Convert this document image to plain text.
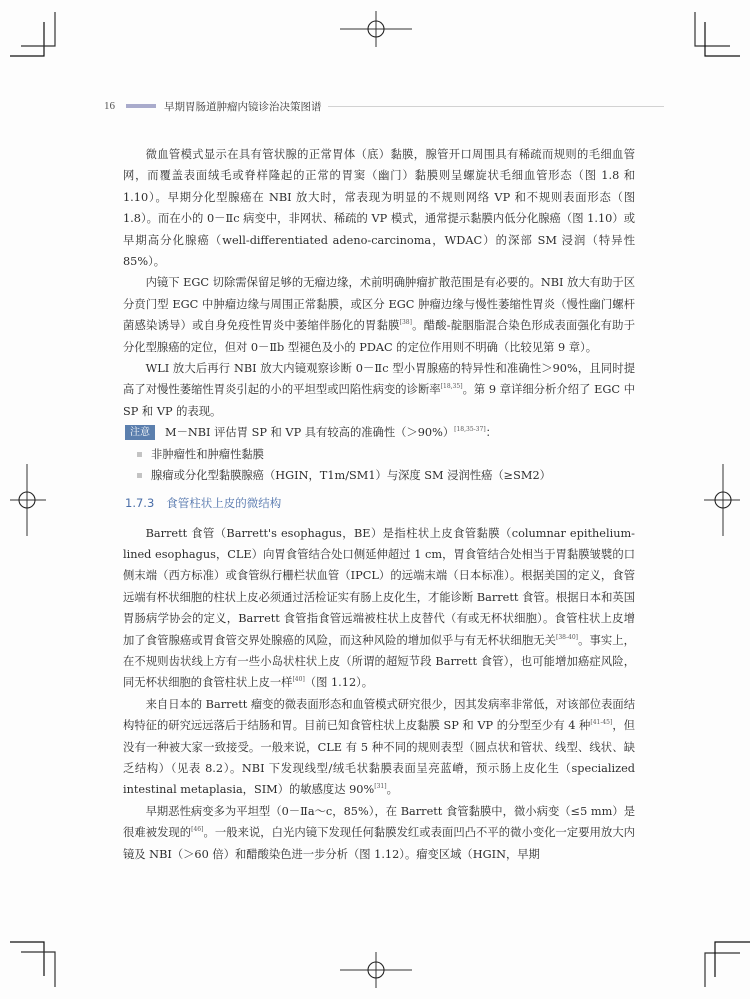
16	早期胃肠道肿瘤内镜诊治决策图谱

微血管模式显示在具有管状腺的正常胃体（底）黏膜，腺管开口周围具有稀疏而规则的毛细血管网，而覆盖表面绒毛或脊样隆起的正常的胃窦（幽门）黏膜则呈螺旋状毛细血管形态（图 1.8 和 1.10）。早期分化型腺癌在 NBI 放大时，常表现为明显的不规则网络 VP 和不规则表面形态（图 1.8）。而在小的 0－Ⅱc 病变中，非网状、稀疏的 VP 模式，通常提示黏膜内低分化腺癌（图 1.10）或早期高分化腺癌（well-differentiated adeno-carcinoma，WDAC）的深部 SM 浸润（特异性 85%）。

内镜下 EGC 切除需保留足够的无瘤边缘，术前明确肿瘤扩散范围是有必要的。NBI 放大有助于区分贲门型 EGC 中肿瘤边缘与周围正常黏膜，或区分 EGC 肿瘤边缘与慢性萎缩性胃炎（慢性幽门螺杆菌感染诱导）或自身免疫性胃炎中萎缩伴肠化的胃黏膜[38]。醋酸-靛胭脂混合染色形成表面强化有助于分化型腺癌的定位，但对 0－Ⅱb 型褪色及小的 PDAC 的定位作用则不明确（比较见第 9 章）。

WLI 放大后再行 NBI 放大内镜观察诊断 0－Ⅱc 型小胃腺癌的特异性和准确性＞90%，且同时提高了对慢性萎缩性胃炎引起的小的平坦型或凹陷性病变的诊断率[18,35]。第 9 章详细分析介绍了 EGC 中 SP 和 VP 的表现。

注意	M－NBI 评估胃 SP 和 VP 具有较高的准确性（＞90%）[18,35-37]：
非肿瘤性和肿瘤性黏膜
腺瘤或分化型黏膜腺癌（HGIN，T1m/SM1）与深度 SM 浸润性癌（≥SM2）
1.7.3 食管柱状上皮的微结构

Barrett 食管（Barrett's esophagus，BE）是指柱状上皮食管黏膜（columnar epithelium-lined esophagus，CLE）向胃食管结合处口侧延伸超过 1 cm，胃食管结合处相当于胃黏膜皱襞的口侧末端（西方标准）或食管纵行栅栏状血管（IPCL）的远端末端（日本标准）。根据美国的定义，食管远端有杯状细胞的柱状上皮必须通过活检证实有肠上皮化生，才能诊断 Barrett 食管。根据日本和英国胃肠病学协会的定义，Barrett 食管指食管远端被柱状上皮替代（有或无杯状细胞）。食管柱状上皮增加了食管腺癌或胃食管交界处腺癌的风险，而这种风险的增加似乎与有无杯状细胞无关[38-40]。事实上，在不规则齿状线上方有一些小岛状柱状上皮（所谓的超短节段 Barrett 食管），也可能增加癌症风险，同无杯状细胞的食管柱状上皮一样[40]（图 1.12）。

来自日本的 Barrett 瘤变的微表面形态和血管模式研究很少，因其发病率非常低，对该部位表面结构特征的研究远远落后于结肠和胃。目前已知食管柱状上皮黏膜 SP 和 VP 的分型至少有 4 种[41-45]，但没有一种被大家一致接受。一般来说，CLE 有 5 种不同的规则表型（圆点状和管状、线型、线状、缺乏结构）（见表 8.2）。NBI 下发现线型/绒毛状黏膜表面呈亮蓝嵴，预示肠上皮化生（specialized intestinal metaplasia，SIM）的敏感度达 90%[31]。

早期恶性病变多为平坦型（0－Ⅱa～c，85%），在 Barrett 食管黏膜中，微小病变（≤5 mm）是很难被发现的[46]。一般来说，白光内镜下发现任何黏膜发红或表面凹凸不平的微小变化一定要用放大内镜及 NBI（＞60 倍）和醋酸染色进一步分析（图 1.12）。瘤变区域（HGIN，早期
